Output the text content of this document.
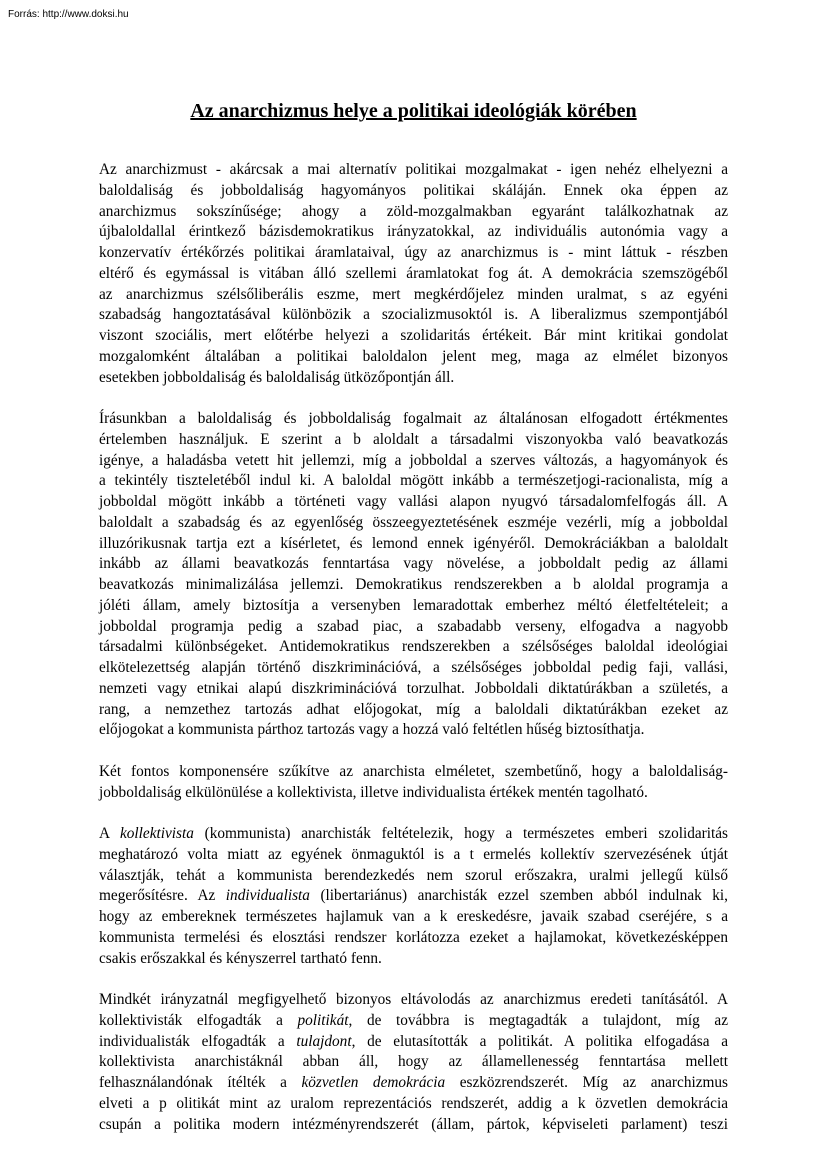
Forrás: http://www.doksi.hu
Az anarchizmus helye a politikai ideológiák körében

Az anarchizmust - akárcsak a mai alternatív politikai mozgalmakat - igen nehéz elhelyezni a
baloldaliság és jobboldaliság hagyományos politikai skáláján. Ennek oka éppen az
anarchizmus sokszínűsége; ahogy a zöld-mozgalmakban egyaránt találkozhatnak az
újbaloldallal érintkező bázisdemokratikus irányzatokkal, az individuális autonómia vagy a
konzervatív értékőrzés politikai áramlataival, úgy az anarchizmus is - mint láttuk - részben
eltérő és egymással is vitában álló szellemi áramlatokat fog át. A demokrácia szemszögéből
az anarchizmus szélsőliberális eszme, mert megkérdőjelez minden uralmat, s az egyéni
szabadság hangoztatásával különbözik a szocializmusoktól is. A liberalizmus szempontjából
viszont szociális, mert előtérbe helyezi a szolidaritás értékeit. Bár mint kritikai gondolat
mozgalomként általában a politikai baloldalon jelent meg, maga az elmélet bizonyos
esetekben jobboldaliság és baloldaliság ütközőpontján áll.

Írásunkban a baloldaliság és jobboldaliság fogalmait az általánosan elfogadott értékmentes
értelemben használjuk. E szerint a b aloldalt a társadalmi viszonyokba való beavatkozás
igénye, a haladásba vetett hit jellemzi, míg a jobboldal a szerves változás, a hagyományok és
a tekintély tiszteletéből indul ki. A baloldal mögött inkább a természetjogi-racionalista, míg a
jobboldal mögött inkább a történeti vagy vallási alapon nyugvó társadalomfelfogás áll. A
baloldalt a szabadság és az egyenlőség összeegyeztetésének eszméje vezérli, míg a jobboldal
illuzórikusnak tartja ezt a kísérletet, és lemond ennek igényéről. Demokráciákban a baloldalt
inkább az állami beavatkozás fenntartása vagy növelése, a jobboldalt pedig az állami
beavatkozás minimalizálása jellemzi. Demokratikus rendszerekben a b aloldal programja a
jóléti állam, amely biztosítja a versenyben lemaradottak emberhez méltó életfeltételeit; a
jobboldal programja pedig a szabad piac, a szabadabb verseny, elfogadva a nagyobb
társadalmi különbségeket. Antidemokratikus rendszerekben a szélsőséges baloldal ideológiai
elkötelezettség alapján történő diszkriminációvá, a szélsőséges jobboldal pedig faji, vallási,
nemzeti vagy etnikai alapú diszkriminációvá torzulhat. Jobboldali diktatúrákban a születés, a
rang, a nemzethez tartozás adhat előjogokat, míg a baloldali diktatúrákban ezeket az
előjogokat a kommunista párthoz tartozás vagy a hozzá való feltétlen hűség biztosíthatja.

Két fontos komponensére szűkítve az anarchista elméletet, szembetűnő, hogy a baloldaliság-
jobboldaliság elkülönülése a kollektivista, illetve individualista értékek mentén tagolható.

A kollektivista (kommunista) anarchisták feltételezik, hogy a természetes emberi szolidaritás
meghatározó volta miatt az egyének önmaguktól is a t ermelés kollektív szervezésének útját
választják, tehát a kommunista berendezkedés nem szorul erőszakra, uralmi jellegű külső
megerősítésre. Az individualista (libertariánus) anarchisták ezzel szemben abból indulnak ki,
hogy az embereknek természetes hajlamuk van a k ereskedésre, javaik szabad cseréjére, s a
kommunista termelési és elosztási rendszer korlátozza ezeket a hajlamokat, következésképpen
csakis erőszakkal és kényszerrel tartható fenn.

Mindkét irányzatnál megfigyelhető bizonyos eltávolodás az anarchizmus eredeti tanításától. A
kollektivisták elfogadták a politikát, de továbbra is megtagadták a tulajdont, míg az
individualisták elfogadták a tulajdont, de elutasították a politikát. A politika elfogadása a
kollektivista anarchistáknál abban áll, hogy az államellenesség fenntartása mellett
felhasználandónak ítélték a közvetlen demokrácia eszközrendszerét. Míg az anarchizmus
elveti a p olitikát mint az uralom reprezentációs rendszerét, addig a k özvetlen demokrácia
csupán a politika modern intézményrendszerét (állam, pártok, képviseleti parlament) teszi
